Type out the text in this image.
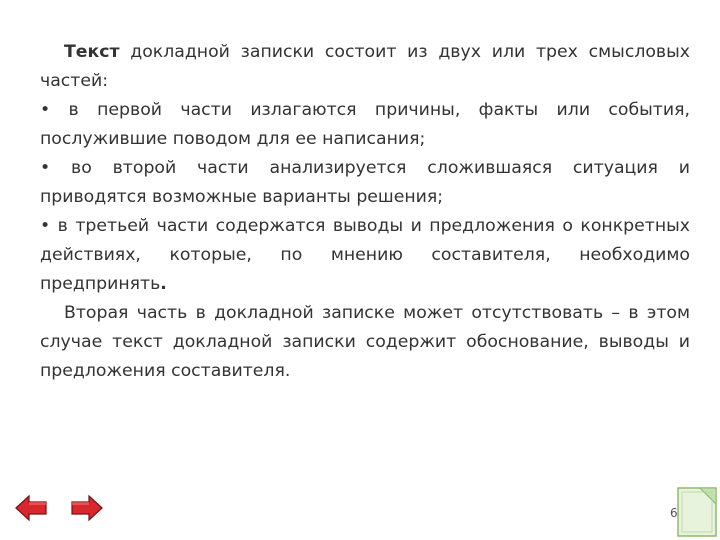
Текст докладной записки состоит из двух или трех смысловых частей:

• в первой части излагаются причины, факты или события, послужившие поводом для ее написания;

• во второй части анализируется сложившаяся ситуация и приводятся возможные варианты решения;

• в третьей части содержатся выводы и предложения о конкретных действиях, которые, по мнению составителя, необходимо предпринять.

Вторая часть в докладной записке может отсутствовать – в этом случае текст докладной записки содержит обоснование, выводы и предложения составителя.

6
